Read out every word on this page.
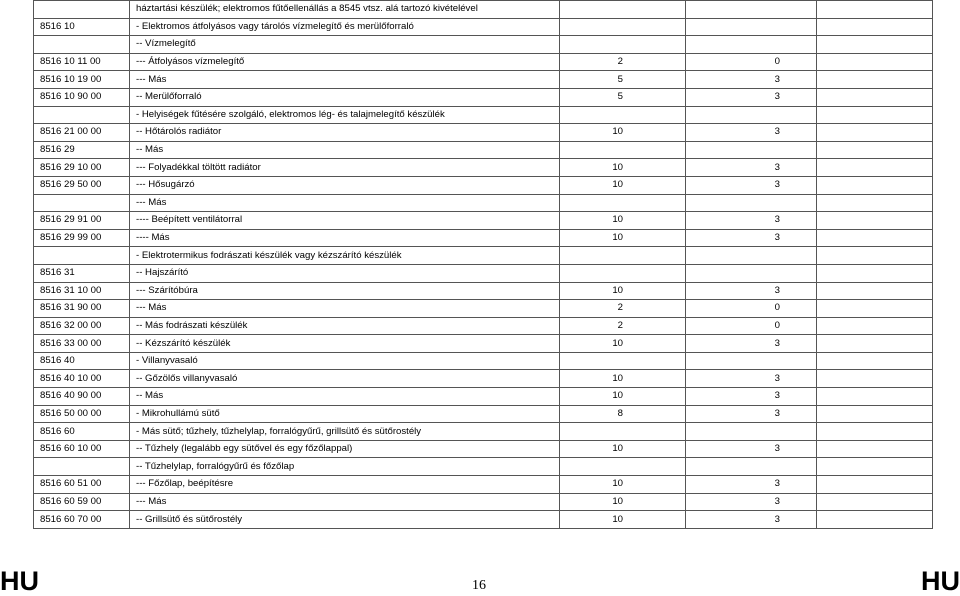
	háztartási készülék; elektromos fűtőellenállás a 8545 vtsz. alá tartozó kivételével			
8516 10	- Elektromos átfolyásos vagy tárolós vízmelegítő és merülőforraló			
	-- Vízmelegítő			
8516 10 11 00	--- Átfolyásos vízmelegítő	2	0	
8516 10 19 00	--- Más	5	3	
8516 10 90 00	-- Merülőforraló	5	3	
	- Helyiségek fűtésére szolgáló, elektromos lég- és talajmelegítő készülék			
8516 21 00 00	-- Hőtárolós radiátor	10	3	
8516 29	-- Más			
8516 29 10 00	--- Folyadékkal töltött radiátor	10	3	
8516 29 50 00	--- Hősugárzó	10	3	
	--- Más			
8516 29 91 00	---- Beépített ventilátorral	10	3	
8516 29 99 00	---- Más	10	3	
	- Elektrotermikus fodrászati készülék vagy kézszárító készülék			
8516 31	-- Hajszárító			
8516 31 10 00	--- Szárítóbúra	10	3	
8516 31 90 00	--- Más	2	0	
8516 32 00 00	-- Más fodrászati készülék	2	0	
8516 33 00 00	-- Kézszárító készülék	10	3	
8516 40	- Villanyvasaló			
8516 40 10 00	-- Gőzölős villanyvasaló	10	3	
8516 40 90 00	-- Más	10	3	
8516 50 00 00	- Mikrohullámú sütő	8	3	
8516 60	- Más sütő; tűzhely, tűzhelylap, forralógyűrű, grillsütő és sütőrostély			
8516 60 10 00	-- Tűzhely (legalább egy sütővel és egy főzőlappal)	10	3	
	-- Tűzhelylap, forralógyűrű és főzőlap			
8516 60 51 00	--- Főzőlap, beépítésre	10	3	
8516 60 59 00	--- Más	10	3	
8516 60 70 00	-- Grillsütő és sütőrostély	10	3	
HU	16	HU
